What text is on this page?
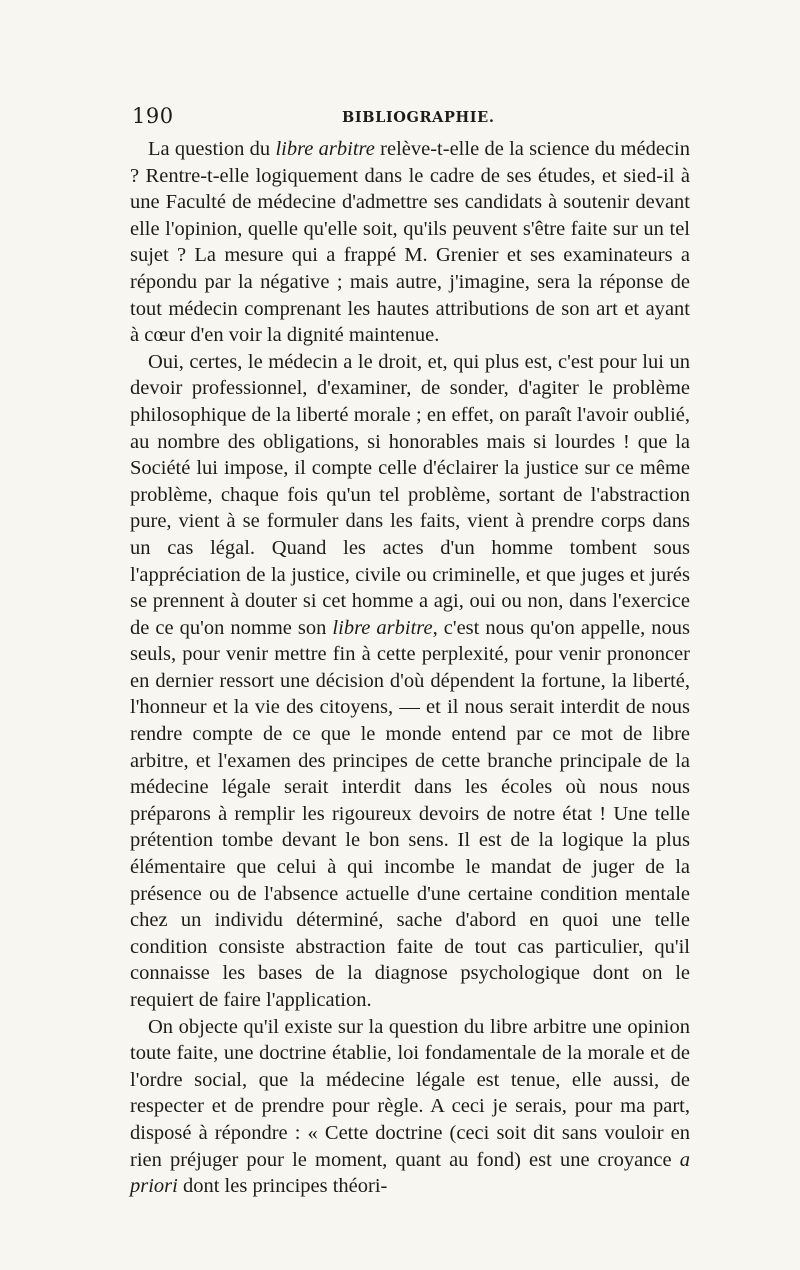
190	BIBLIOGRAPHIE.

La question du libre arbitre relève-t-elle de la science du médecin ? Rentre-t-elle logiquement dans le cadre de ses études, et sied-il à une Faculté de médecine d'admettre ses candidats à soutenir devant elle l'opinion, quelle qu'elle soit, qu'ils peuvent s'être faite sur un tel sujet ? La mesure qui a frappé M. Grenier et ses examinateurs a répondu par la négative ; mais autre, j'imagine, sera la réponse de tout médecin comprenant les hautes attributions de son art et ayant à cœur d'en voir la dignité maintenue.

Oui, certes, le médecin a le droit, et, qui plus est, c'est pour lui un devoir professionnel, d'examiner, de sonder, d'agiter le problème philosophique de la liberté morale ; en effet, on paraît l'avoir oublié, au nombre des obligations, si honorables mais si lourdes ! que la Société lui impose, il compte celle d'éclairer la justice sur ce même problème, chaque fois qu'un tel problème, sortant de l'abstraction pure, vient à se formuler dans les faits, vient à prendre corps dans un cas légal. Quand les actes d'un homme tombent sous l'appréciation de la justice, civile ou criminelle, et que juges et jurés se prennent à douter si cet homme a agi, oui ou non, dans l'exercice de ce qu'on nomme son libre arbitre, c'est nous qu'on appelle, nous seuls, pour venir mettre fin à cette perplexité, pour venir prononcer en dernier ressort une décision d'où dépendent la fortune, la liberté, l'honneur et la vie des citoyens, — et il nous serait interdit de nous rendre compte de ce que le monde entend par ce mot de libre arbitre, et l'examen des principes de cette branche principale de la médecine légale serait interdit dans les écoles où nous nous préparons à remplir les rigoureux devoirs de notre état ! Une telle prétention tombe devant le bon sens. Il est de la logique la plus élémentaire que celui à qui incombe le mandat de juger de la présence ou de l'absence actuelle d'une certaine condition mentale chez un individu déterminé, sache d'abord en quoi une telle condition consiste abstraction faite de tout cas particulier, qu'il connaisse les bases de la diagnose psychologique dont on le requiert de faire l'application.

On objecte qu'il existe sur la question du libre arbitre une opinion toute faite, une doctrine établie, loi fondamentale de la morale et de l'ordre social, que la médecine légale est tenue, elle aussi, de respecter et de prendre pour règle. A ceci je serais, pour ma part, disposé à répondre : « Cette doctrine (ceci soit dit sans vouloir en rien préjuger pour le moment, quant au fond) est une croyance a priori dont les principes théori-
